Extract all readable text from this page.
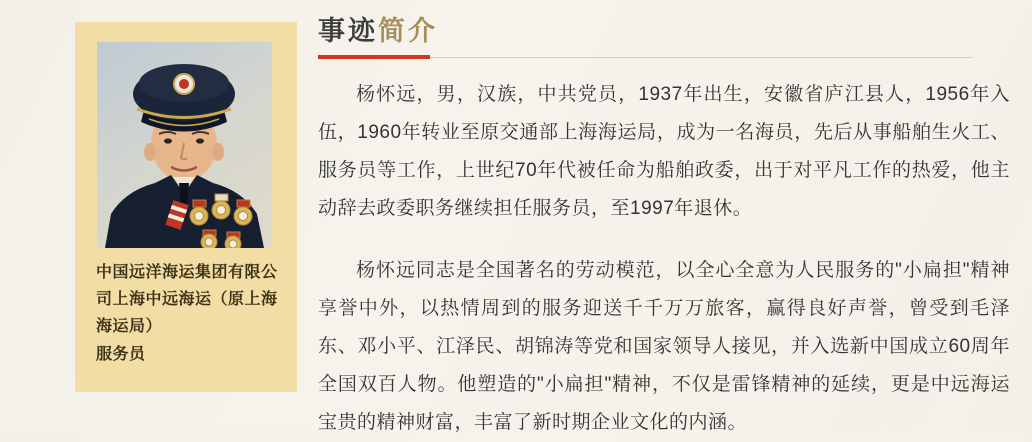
中国远洋海运集团有限公司上海中远海运（原上海海运局）
服务员
事迹简介

杨怀远，男，汉族，中共党员，1937年出生，安徽省庐江县人，1956年入伍，1960年转业至原交通部上海海运局，成为一名海员，先后从事船舶生火工、服务员等工作，上世纪70年代被任命为船舶政委，出于对平凡工作的热爱，他主动辞去政委职务继续担任服务员，至1997年退休。

杨怀远同志是全国著名的劳动模范，以全心全意为人民服务的"小扁担"精神享誉中外，以热情周到的服务迎送千千万万旅客，赢得良好声誉，曾受到毛泽东、邓小平、江泽民、胡锦涛等党和国家领导人接见，并入选新中国成立60周年全国双百人物。他塑造的"小扁担"精神，不仅是雷锋精神的延续，更是中远海运宝贵的精神财富，丰富了新时期企业文化的内涵。
